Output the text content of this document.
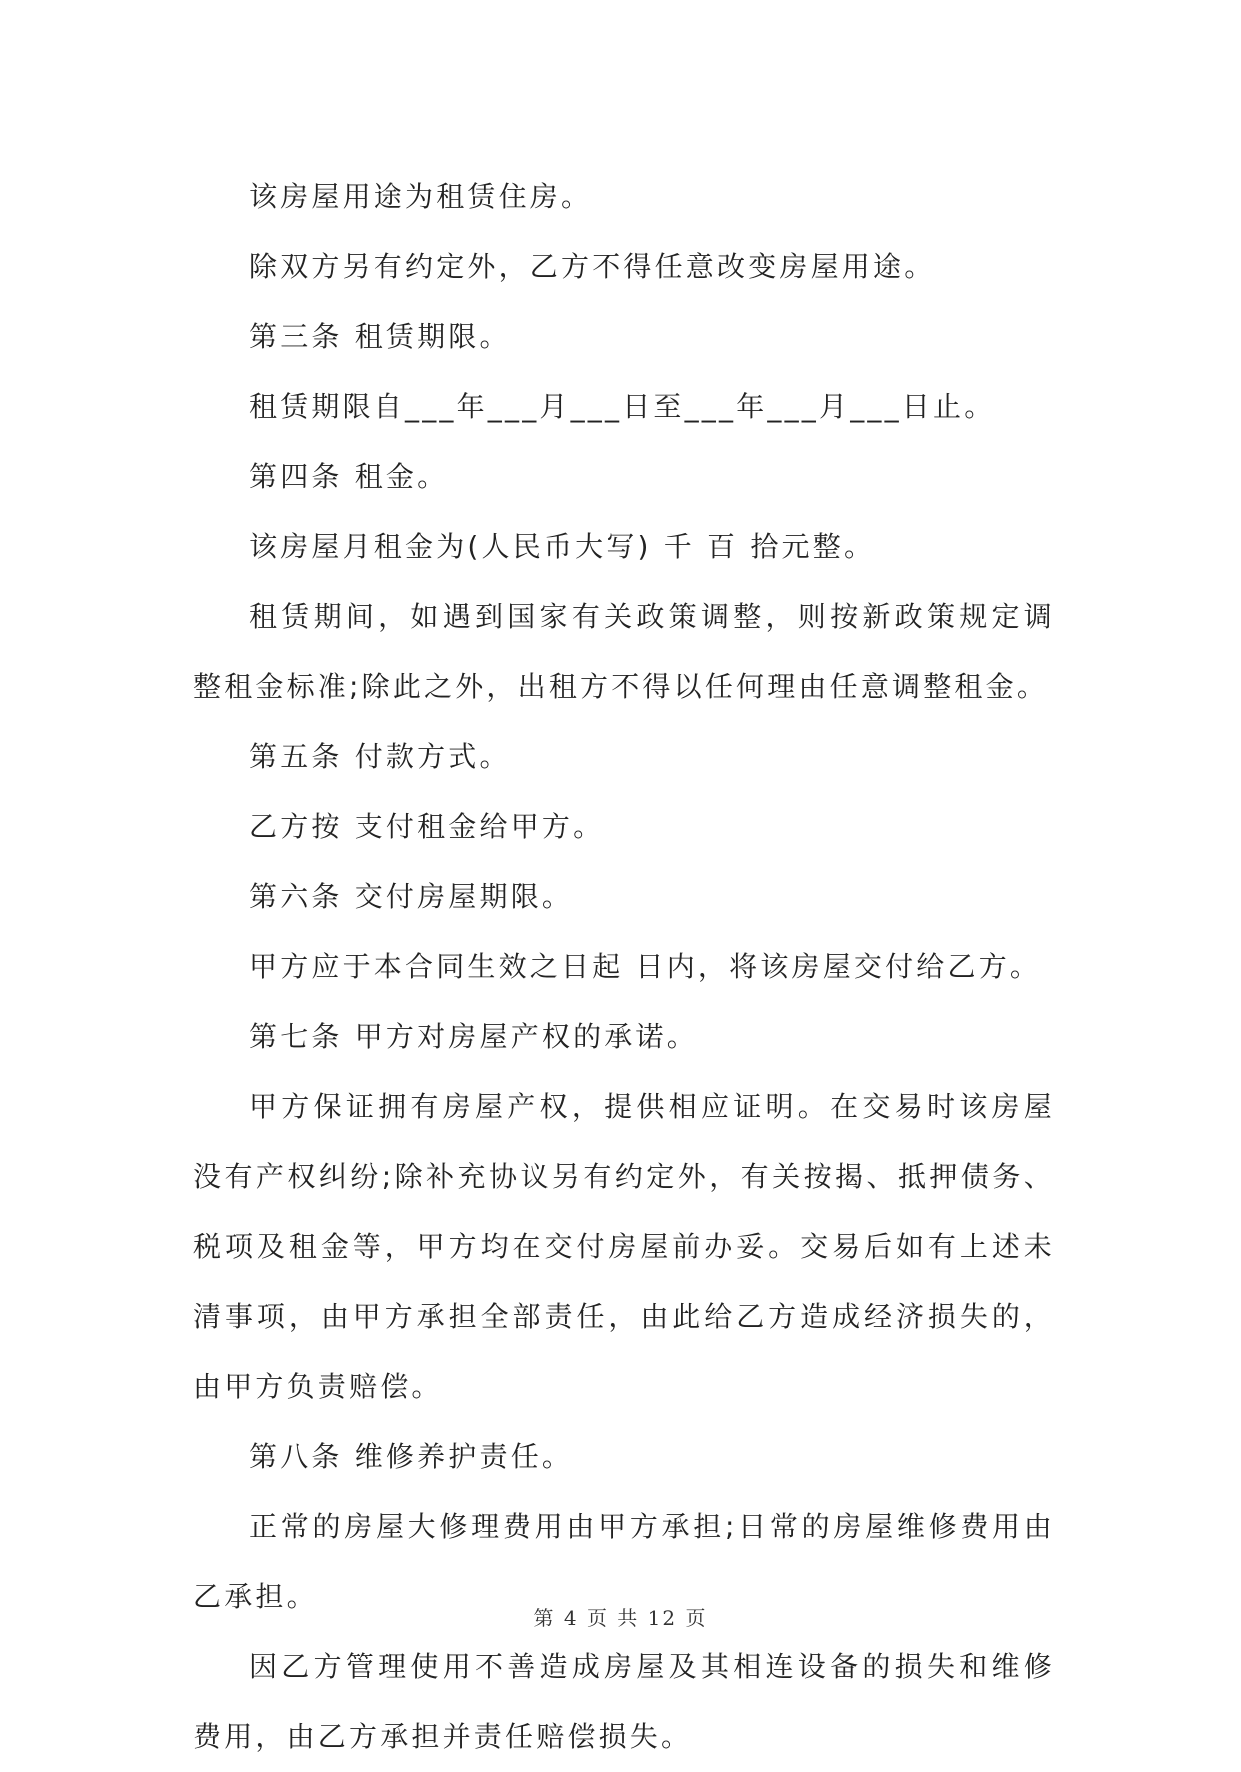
该房屋用途为租赁住房。

除双方另有约定外，乙方不得任意改变房屋用途。

第三条 租赁期限。

租赁期限自___年___月___日至___年___月___日止。

第四条 租金。

该房屋月租金为(人民币大写) 千 百 拾元整。

租赁期间，如遇到国家有关政策调整，则按新政策规定调整租金标准;除此之外，出租方不得以任何理由任意调整租金。

第五条 付款方式。

乙方按 支付租金给甲方。

第六条 交付房屋期限。

甲方应于本合同生效之日起 日内，将该房屋交付给乙方。

第七条 甲方对房屋产权的承诺。

甲方保证拥有房屋产权，提供相应证明。在交易时该房屋没有产权纠纷;除补充协议另有约定外，有关按揭、抵押债务、税项及租金等，甲方均在交付房屋前办妥。交易后如有上述未清事项，由甲方承担全部责任，由此给乙方造成经济损失的，由甲方负责赔偿。

第八条 维修养护责任。

正常的房屋大修理费用由甲方承担;日常的房屋维修费用由乙承担。

因乙方管理使用不善造成房屋及其相连设备的损失和维修费用，由乙方承担并责任赔偿损失。

第 4 页 共 12 页
